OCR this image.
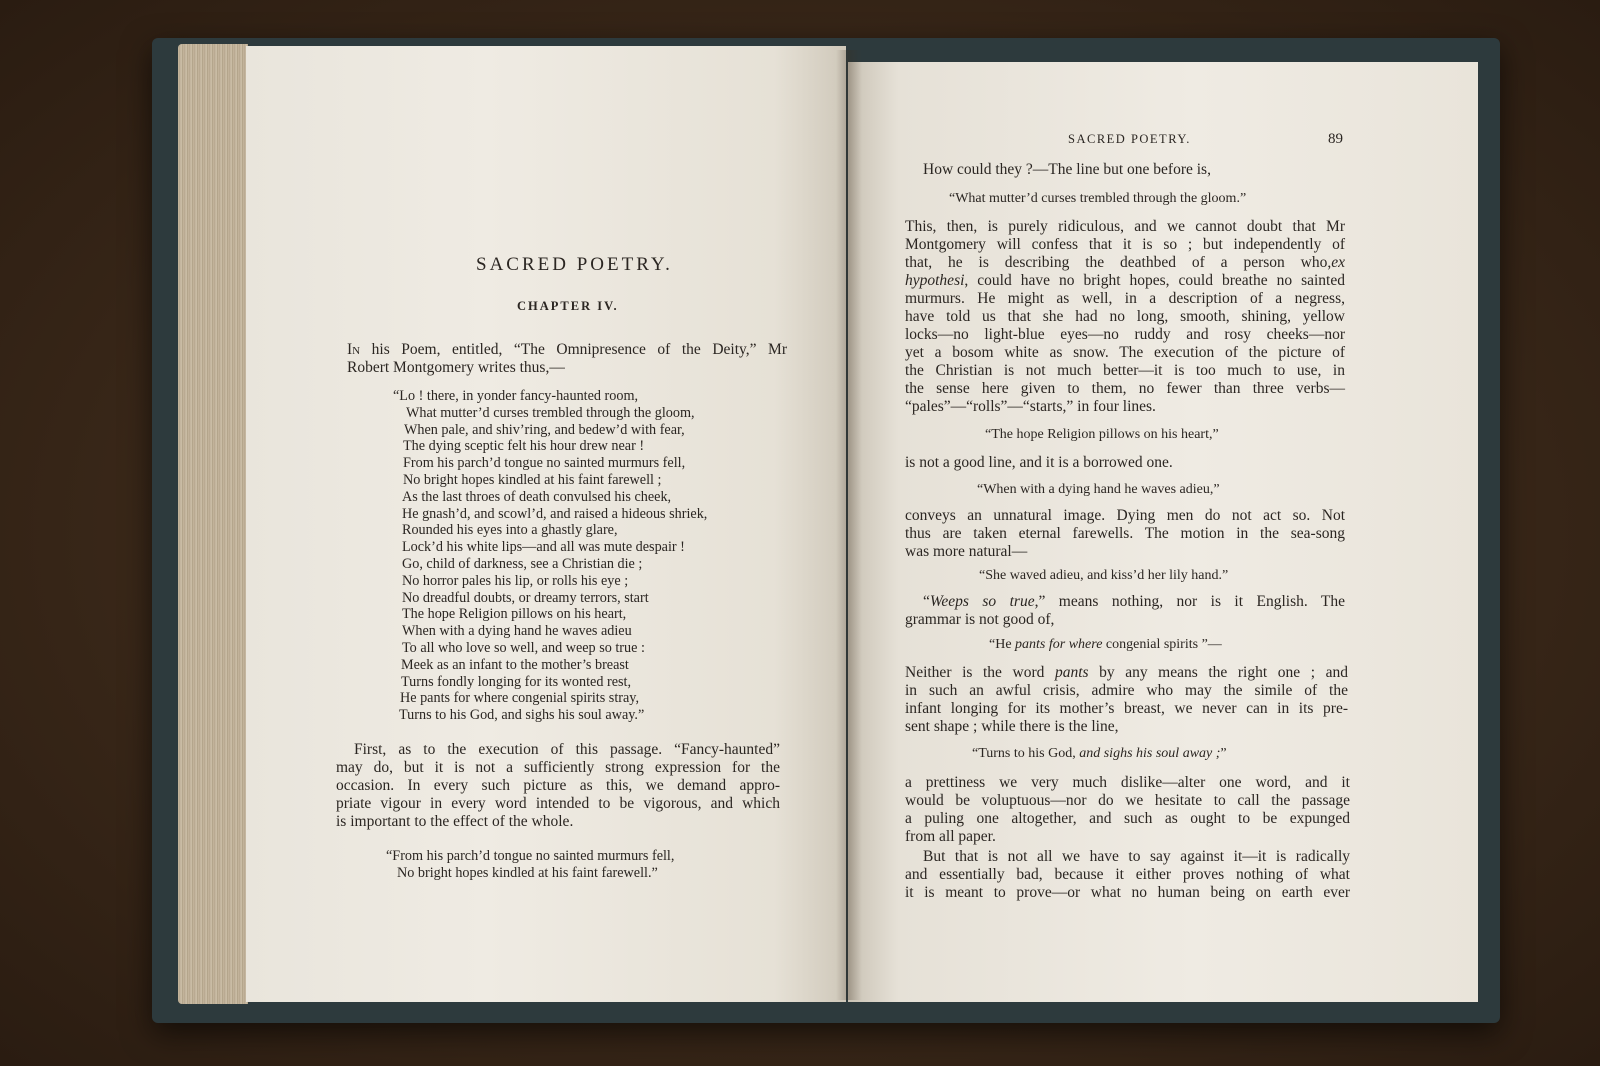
SACRED POETRY.
CHAPTER IV.
In his Poem, entitled, “The Omnipresence of the Deity,” Mr
Robert Montgomery writes thus,—
“Lo ! there, in yonder fancy-haunted room,
What mutter’d curses trembled through the gloom,
When pale, and shiv’ring, and bedew’d with fear,
The dying sceptic felt his hour drew near !
From his parch’d tongue no sainted murmurs fell,
No bright hopes kindled at his faint farewell ;
As the last throes of death convulsed his cheek,
He gnash’d, and scowl’d, and raised a hideous shriek,
Rounded his eyes into a ghastly glare,
Lock’d his white lips—and all was mute despair !
Go, child of darkness, see a Christian die ;
No horror pales his lip, or rolls his eye ;
No dreadful doubts, or dreamy terrors, start
The hope Religion pillows on his heart,
When with a dying hand he waves adieu
To all who love so well, and weep so true :
Meek as an infant to the mother’s breast
Turns fondly longing for its wonted rest,
He pants for where congenial spirits stray,
Turns to his God, and sighs his soul away.”
First, as to the execution of this passage. “Fancy-haunted”
may do, but it is not a sufficiently strong expression for the
occasion. In every such picture as this, we demand appro-
priate vigour in every word intended to be vigorous, and which
is important to the effect of the whole.
“From his parch’d tongue no sainted murmurs fell,
No bright hopes kindled at his faint farewell.”
SACRED POETRY.	89
How could they ?—The line but one before is,
“What mutter’d curses trembled through the gloom.”
This, then, is purely ridiculous, and we cannot doubt that Mr
Montgomery will confess that it is so ; but independently of
that, he is describing the deathbed of a person who,ex
hypothesi, could have no bright hopes, could breathe no sainted
murmurs. He might as well, in a description of a negress,
have told us that she had no long, smooth, shining, yellow
locks—no light-blue eyes—no ruddy and rosy cheeks—nor
yet a bosom white as snow. The execution of the picture of
the Christian is not much better—it is too much to use, in
the sense here given to them, no fewer than three verbs—
“pales”—“rolls”—“starts,” in four lines.
“The hope Religion pillows on his heart,”
is not a good line, and it is a borrowed one.
“When with a dying hand he waves adieu,”
conveys an unnatural image. Dying men do not act so. Not
thus are taken eternal farewells. The motion in the sea-song
was more natural—
“She waved adieu, and kiss’d her lily hand.”
“Weeps so true,” means nothing, nor is it English. The
grammar is not good of,
“He pants for where congenial spirits ”—
Neither is the word pants by any means the right one ; and
in such an awful crisis, admire who may the simile of the
infant longing for its mother’s breast, we never can in its pre-
sent shape ; while there is the line,
“Turns to his God, and sighs his soul away ;”
a prettiness we very much dislike—alter one word, and it
would be voluptuous—nor do we hesitate to call the passage
a puling one altogether, and such as ought to be expunged
from all paper.
But that is not all we have to say against it—it is radically
and essentially bad, because it either proves nothing of what
it is meant to prove—or what no human being on earth ever
